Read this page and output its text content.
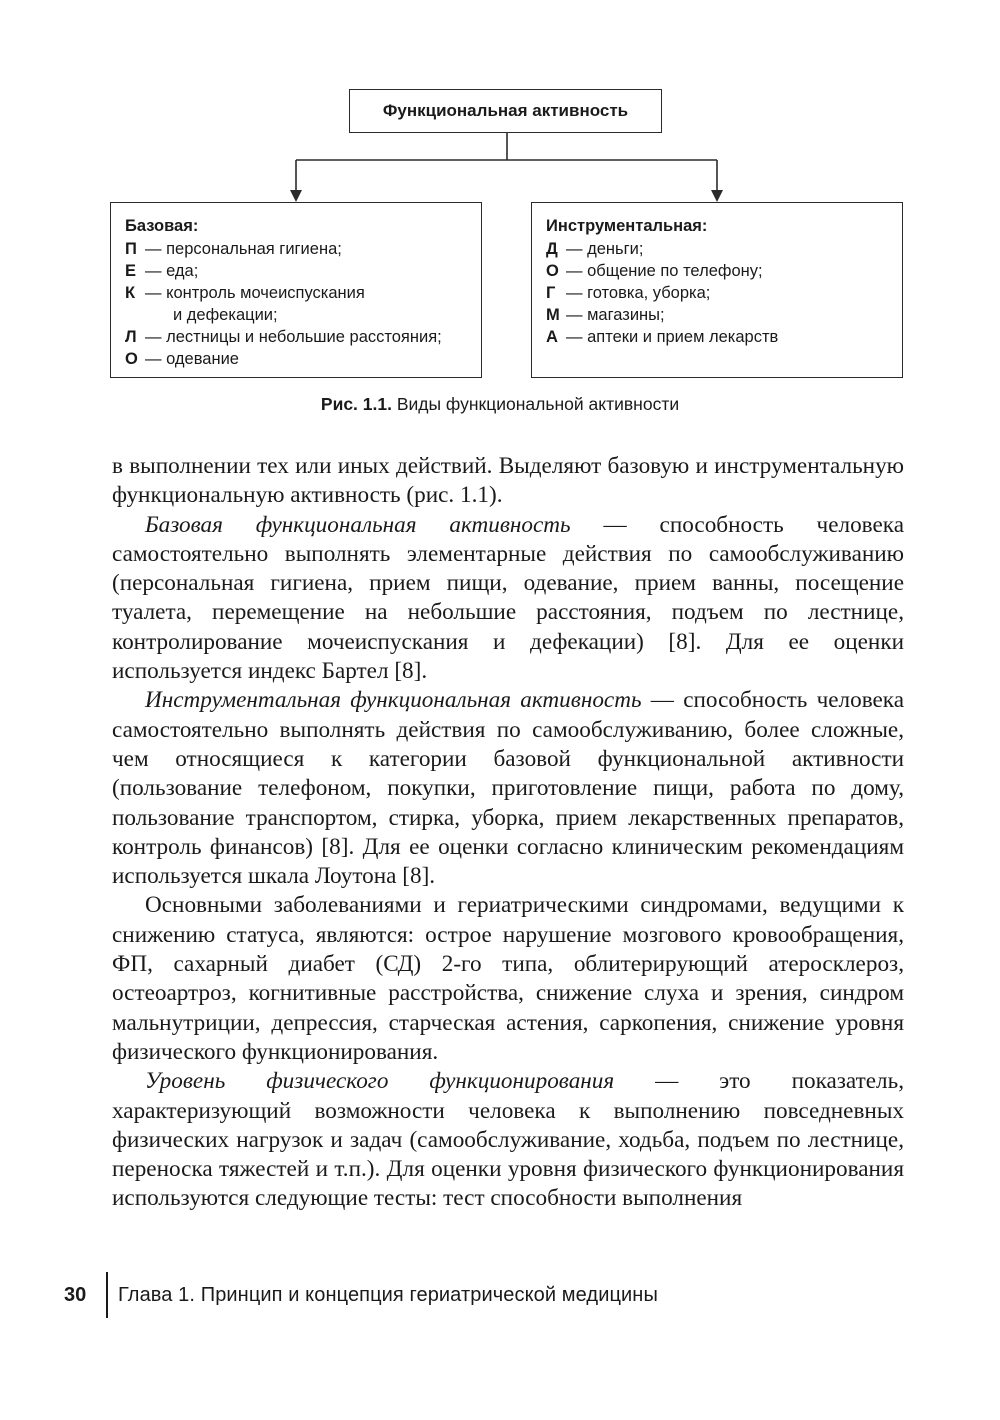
Функциональная активность
Базовая:
П — персональная гигиена;
Е — еда;
К — контроль мочеиспускания
и дефекации;
Л — лестницы и небольшие расстояния;
О — одевание
Инструментальная:
Д — деньги;
О — общение по телефону;
Г — готовка, уборка;
М — магазины;
А — аптеки и прием лекарств
Рис. 1.1. Виды функциональной активности

в выполнении тех или иных действий. Выделяют базовую и инструментальную функциональную активность (рис. 1.1).

Базовая функциональная активность — способность человека самостоятельно выполнять элементарные действия по самообслуживанию (персональная гигиена, прием пищи, одевание, прием ванны, посещение туалета, перемещение на небольшие расстояния, подъем по лестнице, контролирование мочеиспускания и дефекации) [8]. Для ее оценки используется индекс Бартел [8].

Инструментальная функциональная активность — способность человека самостоятельно выполнять действия по самообслуживанию, более сложные, чем относящиеся к категории базовой функциональной активности (пользование телефоном, покупки, приготовление пищи, работа по дому, пользование транспортом, стирка, уборка, прием лекарственных препаратов, контроль финансов) [8]. Для ее оценки согласно клиническим рекомендациям используется шкала Лоутона [8].

Основными заболеваниями и гериатрическими синдромами, ведущими к снижению статуса, являются: острое нарушение мозгового кровообращения, ФП, сахарный диабет (СД) 2-го типа, облитерирующий атеросклероз, остеоартроз, когнитивные расстройства, снижение слуха и зрения, синдром мальнутриции, депрессия, старческая астения, саркопения, снижение уровня физического функционирования.

Уровень физического функционирования — это показатель, характеризующий возможности человека к выполнению повседневных физических нагрузок и задач (самообслуживание, ходьба, подъем по лестнице, переноска тяжестей и т.п.). Для оценки уровня физического функционирования используются следующие тесты: тест способности выполнения

30	Глава 1. Принцип и концепция гериатрической медицины
